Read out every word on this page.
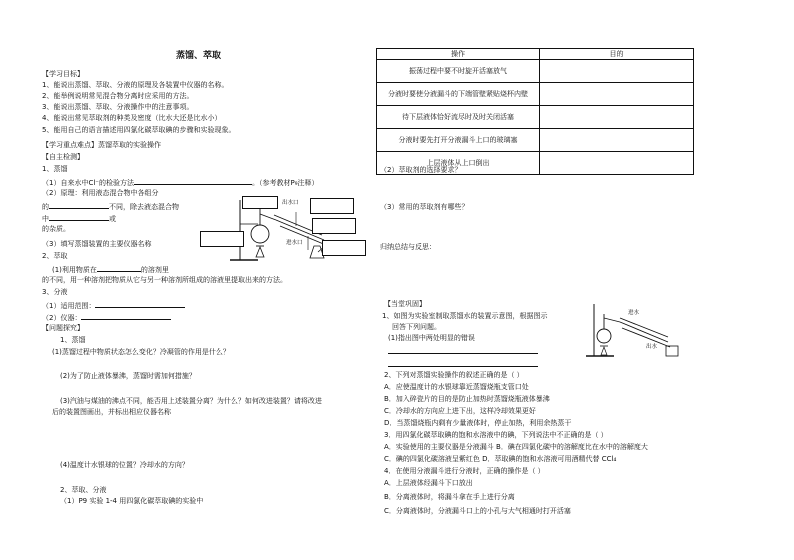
蒸馏、萃取
【学习目标】
1、能说出蒸馏、萃取、分液的原理及各装置中仪器的名称。
2、能举例说明常见混合物分离时应采用的方法。
3、能说出蒸馏、萃取、分液操作中的注意事项。
4、能说出常见萃取剂的种类及密度（比水大还是比水小）
5、能用自己的语言描述用四氯化碳萃取碘的步骤和实验现象。
【学习重点难点】蒸馏萃取的实验操作
【自主检测】
1、蒸馏
（1）自来水中Cl⁻的检验方法	。（参考教材P₉注释）
（2）原理：利用液态混合物中各组分
的	不同，除去液态混合物
中	或
的杂质。
（3）填写蒸馏装置的主要仪器名称
2、萃取
(1)利用物质在	的溶剂里
的不同，用一种溶剂把物质从它与另一种溶剂所组成的溶液里提取出来的方法。
3、分液
（1）适用范围：
（2）仪器：
【问题探究】
1、蒸馏
(1)蒸馏过程中物质状态怎么变化？冷凝管的作用是什么？
(2)为了防止液体暴沸，蒸馏时需加何措施？
(3)汽油与煤油的沸点不同，能否用上述装置分离？为什么？如何改进装置？请将改进
后的装置图画出，并标出相应仪器名称
(4)温度计水银球的位置？冷却水的方向？
2、萃取、分液
（1）P9 实验 1-4 用四氯化碳萃取碘的实验中
出水口
进水口
操作	目的
振荡过程中要不时旋开活塞放气	
分液时要使分液漏斗的下端管壁紧贴烧杯内壁	
待下层液体恰好流尽时及时关闭活塞	
分液时要先打开分液漏斗上口的玻璃塞	
上层液体从上口倒出	
（2）萃取剂的选择要求？
（3）常用的萃取剂有哪些？
归纳总结与反思：
【当堂巩固】
1、如图为实验室制取蒸馏水的装置示意图，根据图示
回答下列问题。
(1)指出图中两处明显的错误
2、下列对蒸馏实验操作的叙述正确的是（ ）
A．应使温度计的水银球靠近蒸馏烧瓶支管口处
B．加入碎瓷片的目的是防止加热时蒸馏烧瓶液体暴沸
C．冷却水的方向应上进下出，这样冷却效果更好
D．当蒸馏烧瓶内剩有少量液体时，停止加热，利用余热蒸干
3．用四氯化碳萃取碘的饱和水溶液中的碘，下列说法中不正确的是（ ）
A．实验使用的主要仪器是分液漏斗 B．碘在四氯化碳中的溶解度比在水中的溶解度大
C．碘的四氯化碳溶液呈紫红色 D．萃取碘的饱和水溶液可用酒精代替 CCl₄
4．在使用分液漏斗进行分液时，正确的操作是（ ）
A．上层液体经漏斗下口放出
B．分离液体时，将漏斗拿在手上进行分离
C．分离液体时，分液漏斗口上的小孔与大气相通时打开活塞
进水
出水
